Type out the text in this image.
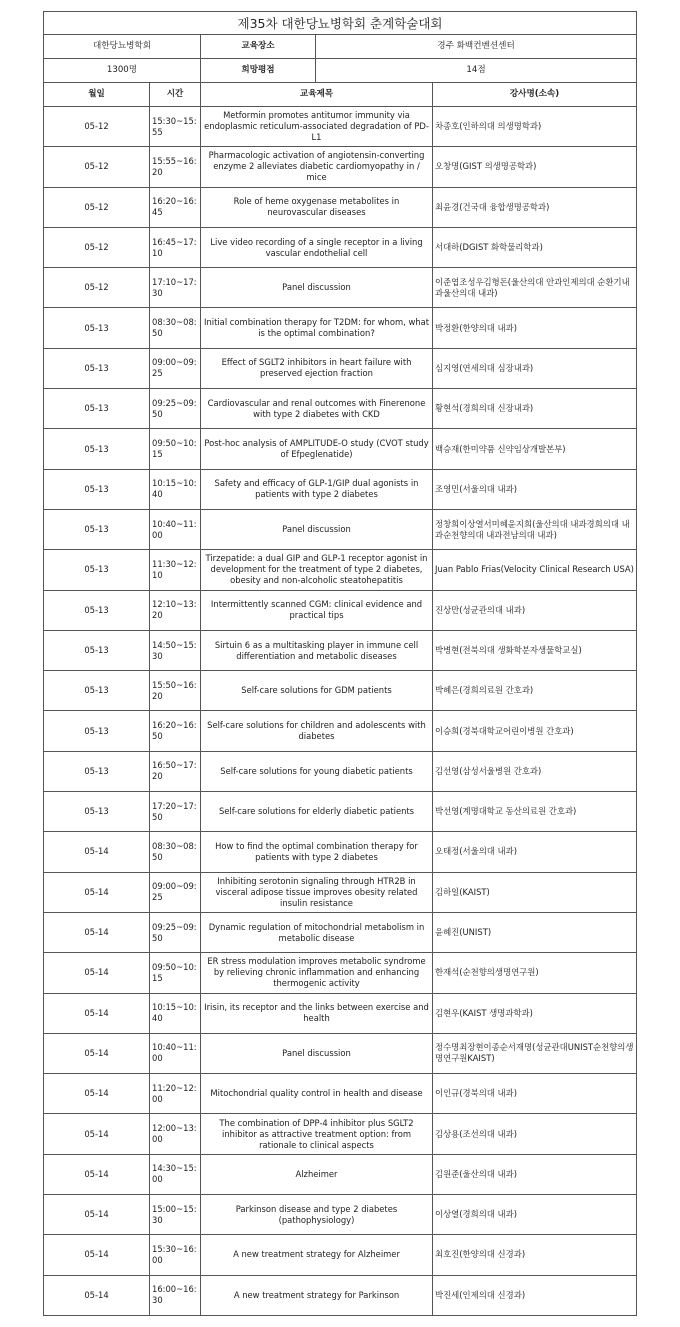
제35차 대한당뇨병학회 춘계학술대회				
대한당뇨병학회		교육장소	경주 화백컨벤션센터	
1300명		희망평점	14점	
월일	시간	교육제목		강사명(소속)
05-12	15:30~15:55	Metformin promotes antitumor immunity via endoplasmic reticulum-associated degradation of PD-L1		차종호(인하의대 의생명학과)
05-12	15:55~16:20	Pharmacologic activation of angiotensin-converting enzyme 2 alleviates diabetic cardiomyopathy in / mice		오창명(GIST 의생명공학과)
05-12	16:20~16:45	Role of heme oxygenase metabolites in neurovascular diseases		최윤경(건국대 융합생명공학과)
05-12	16:45~17:10	Live video recording of a single receptor in a living vascular endothelial cell		서대하(DGIST 화학물리학과)
05-12	17:10~17:30	Panel discussion		이준엽조성우김형돈(울산의대 안과인제의대 순환기내과울산의대 내과)
05-13	08:30~08:50	Initial combination therapy for T2DM: for whom, what is the optimal combination?		박정환(한양의대 내과)
05-13	09:00~09:25	Effect of SGLT2 inhibitors in heart failure with preserved ejection fraction		심지영(연세의대 심장내과)
05-13	09:25~09:50	Cardiovascular and renal outcomes with Finerenone with type 2 diabetes with CKD		황현석(경희의대 신장내과)
05-13	09:50~10:15	Post-hoc analysis of AMPLITUDE-O study (CVOT study of Efpeglenatide)		백승재(한미약품 신약임상개발본부)
05-13	10:15~10:40	Safety and efficacy of GLP-1/GIP dual agonists in patients with type 2 diabetes		조영민(서울의대 내과)
05-13	10:40~11:00	Panel discussion		정창희이상열서미혜윤지희(울산의대 내과경희의대 내과순천향의대 내과전남의대 내과)
05-13	11:30~12:10	Tirzepatide: a dual GIP and GLP-1 receptor agonist in development for the treatment of type 2 diabetes, obesity and non-alcoholic steatohepatitis		Juan Pablo Frias(Velocity Clinical Research USA)
05-13	12:10~13:20	Intermittently scanned CGM: clinical evidence and practical tips		진상만(성균관의대 내과)
05-13	14:50~15:30	Sirtuin 6 as a multitasking player in immune cell differentiation and metabolic diseases		박병현(전북의대 생화학분자생물학교실)
05-13	15:50~16:20	Self-care solutions for GDM patients		박혜은(경희의료원 간호과)
05-13	16:20~16:50	Self-care solutions for children and adolescents with diabetes		이승희(경북대학교어린이병원 간호과)
05-13	16:50~17:20	Self-care solutions for young diabetic patients		김선영(삼성서울병원 간호과)
05-13	17:20~17:50	Self-care solutions for elderly diabetic patients		박선영(계명대학교 동산의료원 간호과)
05-14	08:30~08:50	How to find the optimal combination therapy for patients with type 2 diabetes		오태정(서울의대 내과)
05-14	09:00~09:25	Inhibiting serotonin signaling through HTR2B in visceral adipose tissue improves obesity related insulin resistance		김하일(KAIST)
05-14	09:25~09:50	Dynamic regulation of mitochondrial metabolism in metabolic disease		윤혜진(UNIST)
05-14	09:50~10:15	ER stress modulation improves metabolic syndrome by relieving chronic inflammation and enhancing thermogenic activity		한재석(순천향의생명연구원)
05-14	10:15~10:40	Irisin, its receptor and the links between exercise and health		김현우(KAIST 생명과학과)
05-14	10:40~11:00	Panel discussion		정수명최장현이종순서재명(성균관대UNIST순천향의생명연구원KAIST)
05-14	11:20~12:00	Mitochondrial quality control in health and disease		이인규(경북의대 내과)
05-14	12:00~13:00	The combination of DPP-4 inhibitor plus SGLT2 inhibitor as attractive treatment option: from rationale to clinical aspects		김상용(조선의대 내과)
05-14	14:30~15:00	Alzheimer		김원준(울산의대 내과)
05-14	15:00~15:30	Parkinson disease and type 2 diabetes (pathophysiology)		이상열(경희의대 내과)
05-14	15:30~16:00	A new treatment strategy for Alzheimer		최호진(한양의대 신경과)
05-14	16:00~16:30	A new treatment strategy for Parkinson		박진세(인제의대 신경과)
